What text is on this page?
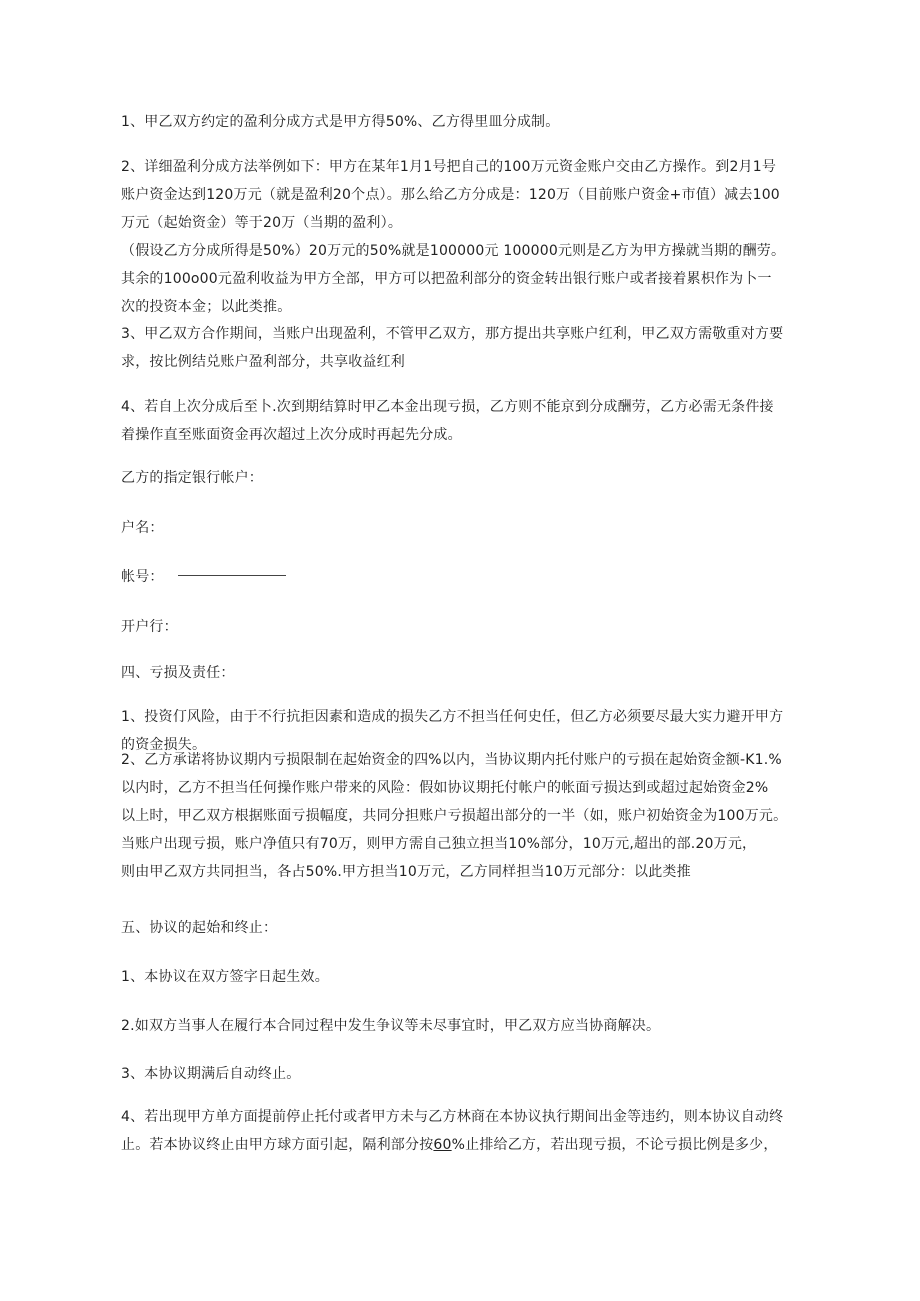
1、甲乙双方约定的盈利分成方式是甲方得50%、乙方得里皿分成制。

2、详细盈利分成方法举例如下：甲方在某年1月1号把自己的100万元资金账户交由乙方操作。到2月1号
账户资金达到120万元（就是盈利20个点）。那么给乙方分成是：120万（目前账户资金+市值）减去100
万元（起始资金）等于20万（当期的盈利）。
（假设乙方分成所得是50%）20万元的50%就是100000元 100000元则是乙方为甲方操就当期的酬劳。
其余的100o00元盈利收益为甲方全部，甲方可以把盈利部分的资金转出银行账户或者接着累枳作为卜一
次的投资本金；以此类推。

3、甲乙双方合作期间，当账户出现盈利，不管甲乙双方，那方提出共享账户红利，甲乙双方需敬重对方要
求，按比例结兑账户盈利部分，共享收益红利

4、若自上次分成后至卜.次到期结算时甲乙本金出现亏损，乙方则不能京到分成酬劳，乙方必需无条件接
着操作直至账面资金再次超过上次分成时再起先分成。

乙方的指定银行帐户：

户名：

帐号：

开户行：

四、亏损及责任：

1、投资仃风险，由于不行抗拒因素和造成的损失乙方不担当任何史任，但乙方必须要尽最大实力避开甲方
的资金损失。

2、乙方承诺将协议期内亏损限制在起始资金的四%以内，当协议期内托付账户的亏损在起始资金额-K1.%
以内时，乙方不担当任何操作账户带来的风险：假如协议期托付帐户的帐面亏损达到或超过起始资金2%
以上时，甲乙双方根据账面亏损幅度，共同分担账户亏损超出部分的一半（如，账户初始资金为100万元。
当账户出现亏损，账户净值只有70万，则甲方需自己独立担当10%部分，10万元,超出的部.20万元，
则由甲乙双方共同担当，各占50%.甲方担当10万元，乙方同样担当10万元部分：以此类推

五、协议的起始和终止：

1、本协议在双方签字日起生效。

2.如双方当事人在履行本合同过程中发生争议等未尽事宜时，甲乙双方应当协商解决。

3、本协议期满后自动终止。

4、若出现甲方单方面提前停止托付或者甲方未与乙方林商在本协议执行期间出金等违约，则本协议自动终
止。若本协议终止由甲方球方面引起，隔利部分按60%止排给乙方，若出现亏损，不论亏损比例是多少，
